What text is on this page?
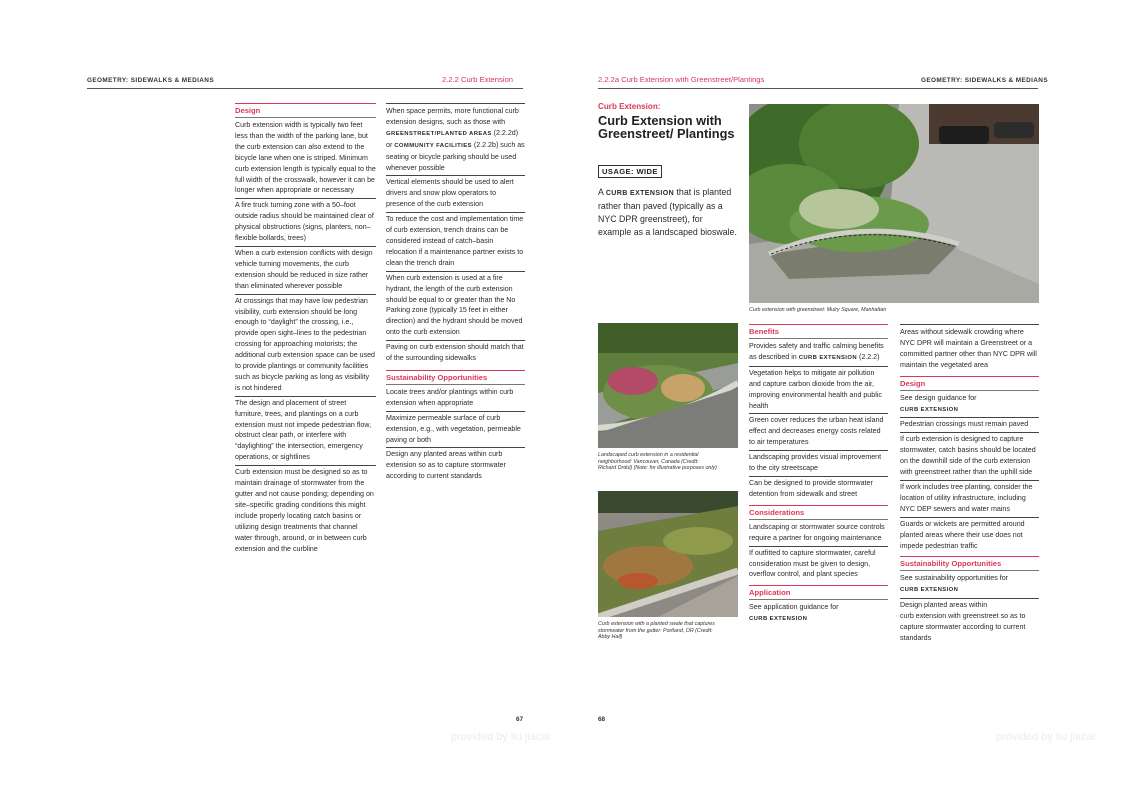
GEOMETRY: SIDEWALKS & MEDIANS	2.2.2 Curb Extension
Design
Curb extension width is typically two feet less than the width of the parking lane, but the curb extension can also extend to the bicycle lane when one is striped. Minimum curb extension length is typically equal to the full width of the crosswalk, however it can be longer when appropriate or necessary
A fire truck turning zone with a 50–foot outside radius should be maintained clear of physical obstructions (signs, planters, non–flexible bollards, trees)
When a curb extension conflicts with design vehicle turning movements, the curb extension should be reduced in size rather than eliminated wherever possible
At crossings that may have low pedestrian visibility, curb extension should be long enough to “daylight” the crossing, i.e., provide open sight–lines to the pedestrian crossing for approaching motorists; the additional curb extension space can be used to provide plantings or community facilities such as bicycle parking as long as visibility is not hindered
The design and placement of street furniture, trees, and plantings on a curb extension must not impede pedestrian flow, obstruct clear path, or interfere with “daylighting” the intersection, emergency operations, or sightlines
Curb extension must be designed so as to maintain drainage of stormwater from the gutter and not cause ponding; depending on site–specific grading conditions this might include properly locating catch basins or utilizing design treatments that channel water through, around, or in between curb extension and the curbline
When space permits, more functional curb extension designs, such as those with GREENSTREET/PLANTED AREAS (2.2.2d) or COMMUNITY FACILITIES (2.2.2b) such as seating or bicycle parking should be used whenever possible
Vertical elements should be used to alert drivers and snow plow operators to presence of the curb extension
To reduce the cost and implementation time of curb extension, trench drains can be considered instead of catch–basin relocation if a maintenance partner exists to clean the trench drain
When curb extension is used at a fire hydrant, the length of the curb extension should be equal to or greater than the No Parking zone (typically 15 feet in either direction) and the hydrant should be moved onto the curb extension
Paving on curb extension should match that of the surrounding sidewalks
Sustainability Opportunities
Locate trees and/or plantings within curb extension when appropriate
Maximize permeable surface of curb extension, e.g., with vegetation, permeable paving or both
Design any planted areas within curb extension so as to capture stormwater according to current standards
67
provided by liu jiacai
2.2.2a Curb Extension with Greenstreet/Plantings	GEOMETRY: SIDEWALKS & MEDIANS
Curb Extension:
Curb Extension with Greenstreet/ Plantings
USAGE: WIDE
A CURB EXTENSION that is planted rather than paved (typically as a NYC DPR greenstreet), for example as a landscaped bioswale.
Curb extension with greenstreet: Mulry Square, Manhattan
Landscaped curb extension in a residential neighborhood: Vancouver, Canada (Credit: Richard Drdul) (Note: for illustrative purposes only)
Curb extension with a planted swale that captures stormwater from the gutter: Portland, OR (Credit: Abby Hall)
Benefits
Provides safety and traffic calming benefits as described in CURB EXTENSION (2.2.2)
Vegetation helps to mitigate air pollution and capture carbon dioxide from the air, improving environmental health and public health
Green cover reduces the urban heat island effect and decreases energy costs related to air temperatures
Landscaping provides visual improvement to the city streetscape
Can be designed to provide stormwater detention from sidewalk and street
Considerations
Landscaping or stormwater source controls require a partner for ongoing maintenance
If outfitted to capture stormwater, careful consideration must be given to design, overflow control, and plant species
Application
See application guidance for
CURB EXTENSION
Areas without sidewalk crowding where NYC DPR will maintain a Greenstreet or a committed partner other than NYC DPR will maintain the vegetated area
Design
See design guidance for
CURB EXTENSION
Pedestrian crossings must remain paved
If curb extension is designed to capture stormwater, catch basins should be located on the downhill side of the curb extension with greenstreet rather than the uphill side
If work includes tree planting, consider the location of utility infrastructure, including NYC DEP sewers and water mains
Guards or wickets are permitted around planted areas where their use does not impede pedestrian traffic
Sustainability Opportunities
See sustainability opportunities for
CURB EXTENSION
Design planted areas within
curb extension with greenstreet so as to capture stormwater according to current standards
68
provided by liu jiacai
